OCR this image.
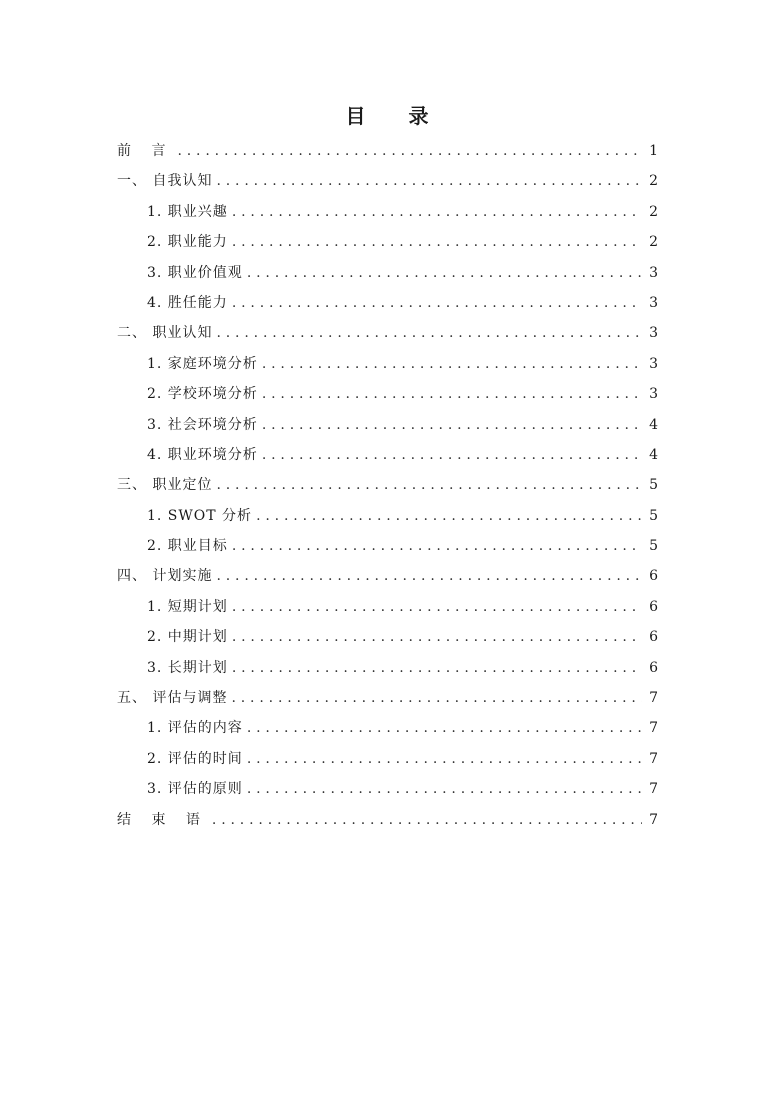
目 录
前 言 . . .	1
一、 自我认知 . . .	2
1. 职业兴趣 . . .	2
2. 职业能力 . . .	2
3. 职业价值观 . . .	3
4. 胜任能力 . . .	3
二、 职业认知 . . .	3
1. 家庭环境分析 . . .	3
2. 学校环境分析 . . .	3
3. 社会环境分析 . . .	4
4. 职业环境分析 . . .	4
三、 职业定位 . . .	5
1. SWOT 分析 . . .	5
2. 职业目标 . . .	5
四、 计划实施 . . .	6
1. 短期计划 . . .	6
2. 中期计划 . . .	6
3. 长期计划 . . .	6
五、 评估与调整 . . .	7
1. 评估的内容 . . .	7
2. 评估的时间 . . .	7
3. 评估的原则 . . .	7
结 束 语 . . .	7
